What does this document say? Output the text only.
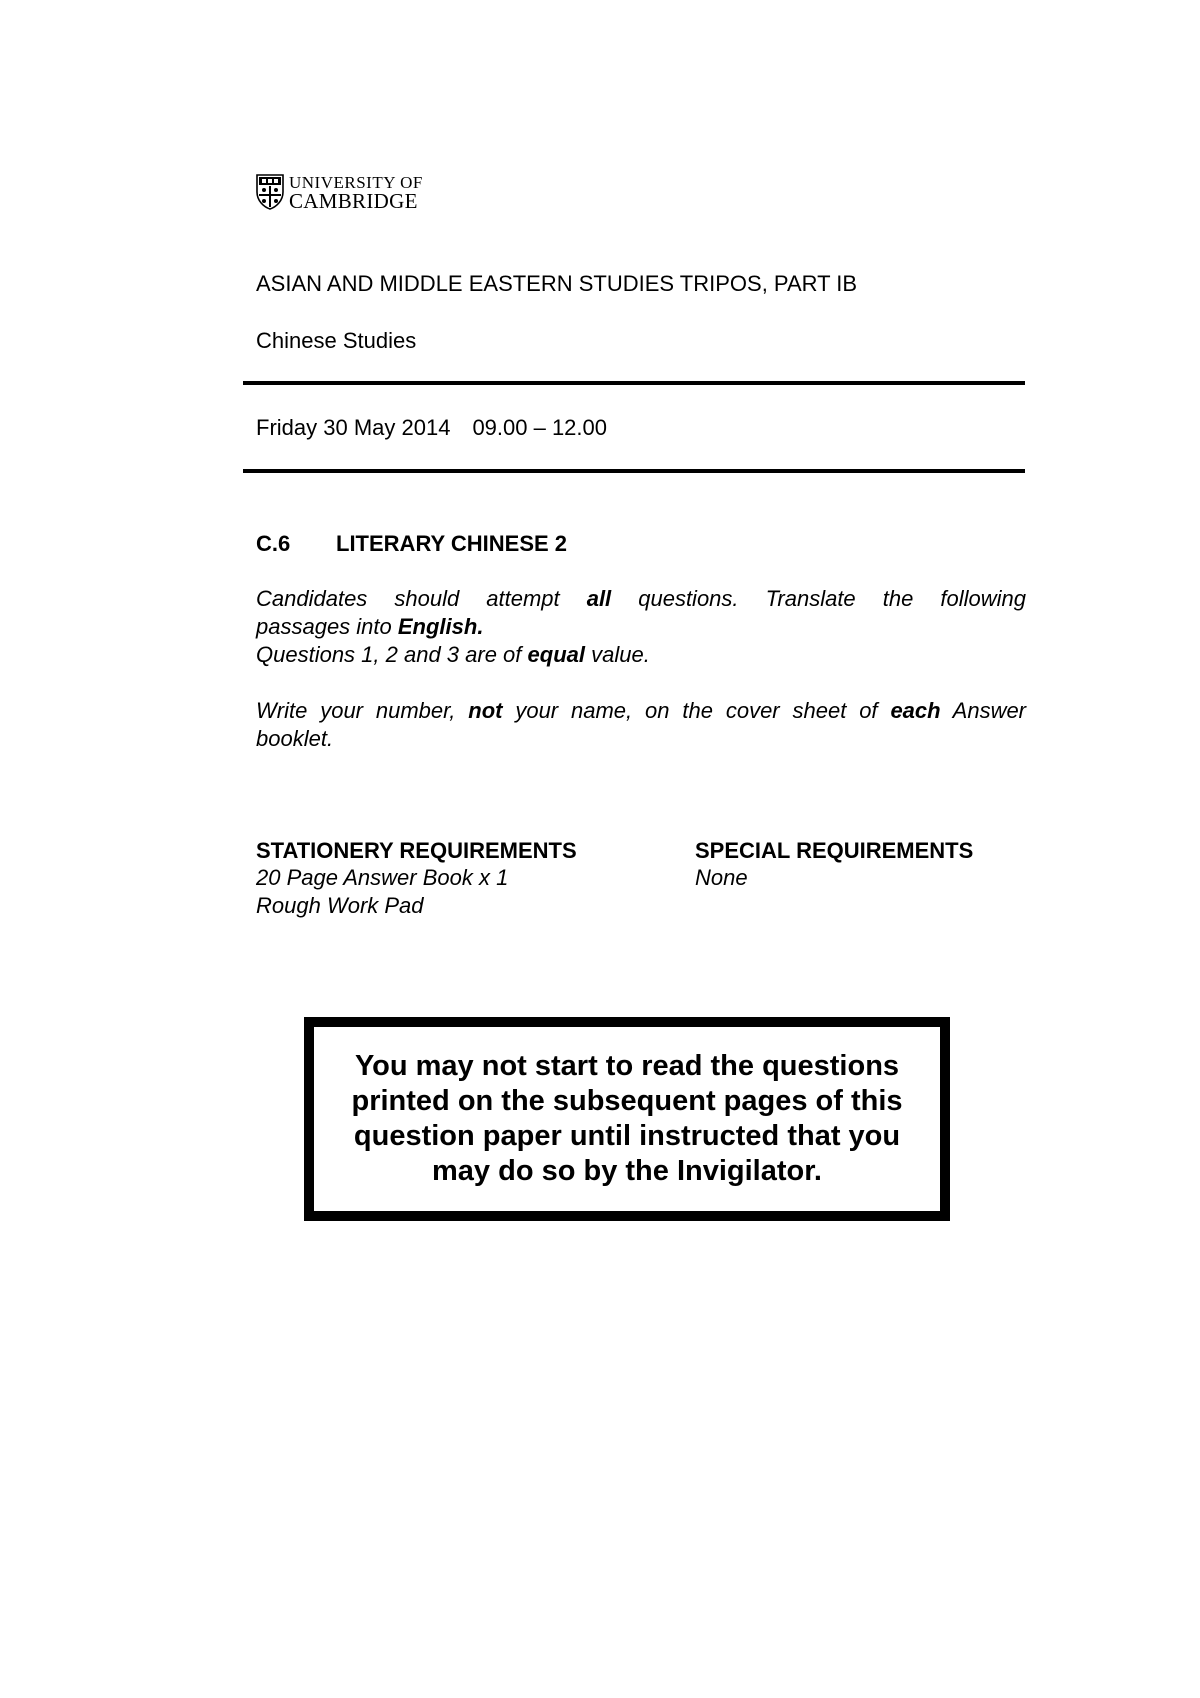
UNIVERSITY OF
CAMBRIDGE
ASIAN AND MIDDLE EASTERN STUDIES TRIPOS, PART IB
Chinese Studies
Friday 30 May 2014 09.00 – 12.00
C.6 LITERARY CHINESE 2
Candidates should attempt all questions. Translate the following
passages into English.
Questions 1, 2 and 3 are of equal value.
Write your number, not your name, on the cover sheet of each Answer
booklet.
STATIONERY REQUIREMENTS
20 Page Answer Book x 1
Rough Work Pad
SPECIAL REQUIREMENTS
None
You may not start to read the questions
printed on the subsequent pages of this
question paper until instructed that you
may do so by the Invigilator.
